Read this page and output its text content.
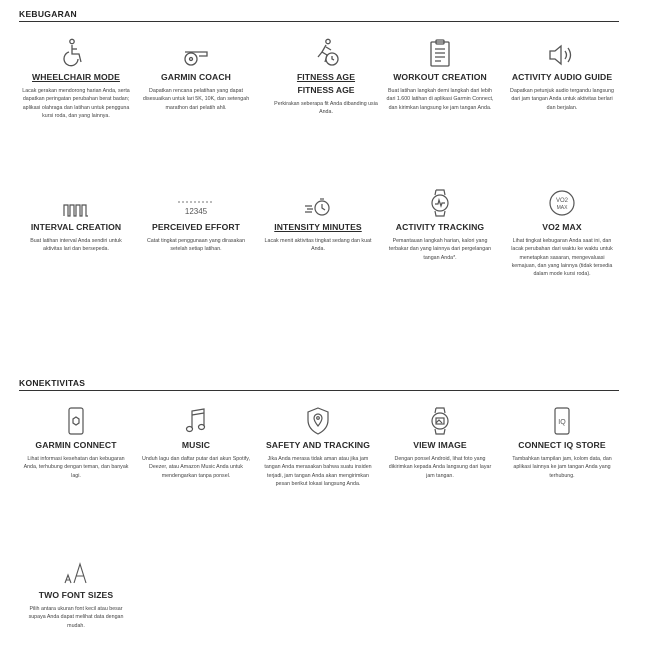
KEBUGARAN
WHEELCHAIR MODE
Lacak gerakan mendorong harian Anda, serta dapatkan peringatan perubahan berat badan; aplikasi olahraga dan latihan untuk pengguna kursi roda, dan yang lainnya.
GARMIN COACH
Dapatkan rencana pelatihan yang dapat disesuaikan untuk lari 5K, 10K, dan setengah marathon dari pelatih ahli.
FITNESS AGE
FITNESS AGE
Perkirakan seberapa fit Anda dibanding usia Anda.
WORKOUT CREATION
Buat latihan langkah demi langkah dari lebih dari 1.600 latihan di aplikasi Garmin Connect, dan kirimkan langsung ke jam tangan Anda.
ACTIVITY AUDIO GUIDE
Dapatkan petunjuk audio tergandu langsung dari jam tangan Anda untuk aktivitas berlari dan berjalan.
INTERVAL CREATION
Buat latihan interval Anda sendiri untuk aktivitas lari dan bersepeda.
12345
PERCEIVED EFFORT
Catat tingkat penggunaan yang dirasakan setelah setiap latihan.
INTENSITY MINUTES
Lacak menit aktivitas tingkat sedang dan kuat Anda.
ACTIVITY TRACKING
Pemantauan langkah harian, kalori yang terbakar dan yang lainnya dari pergelangan tangan Anda*.
VO2
MAX
VO2 MAX
Lihat tingkat kebugaran Anda saat ini, dan lacak perubahan dari waktu ke waktu untuk menetapkan sasaran, mengevaluasi kemajuan, dan yang lainnya (tidak tersedia dalam mode kursi roda).
KONEKTIVITAS
GARMIN CONNECT
Lihat informasi kesehatan dan kebugaran Anda, terhubung dengan teman, dan banyak lagi.
MUSIC
Unduh lagu dan daftar putar dari akun Spotify, Deezer, atau Amazon Music Anda untuk mendengarkan tanpa ponsel.
SAFETY AND TRACKING
Jika Anda merasa tidak aman atau jika jam tangan Anda merasakan bahwa suatu insiden terjadi, jam tangan Anda akan mengirimkan pesan berikut lokasi langsung Anda.
VIEW IMAGE
Dengan ponsel Android, lihat foto yang dikirimkan kepada Anda langsung dari layar jam tangan.
IQ
CONNECT IQ STORE
Tambahkan tampilan jam, kolom data, dan aplikasi lainnya ke jam tangan Anda yang terhubung.
TWO FONT SIZES
Pilih antara ukuran font kecil atau besar supaya Anda dapat melihat data dengan mudah.
